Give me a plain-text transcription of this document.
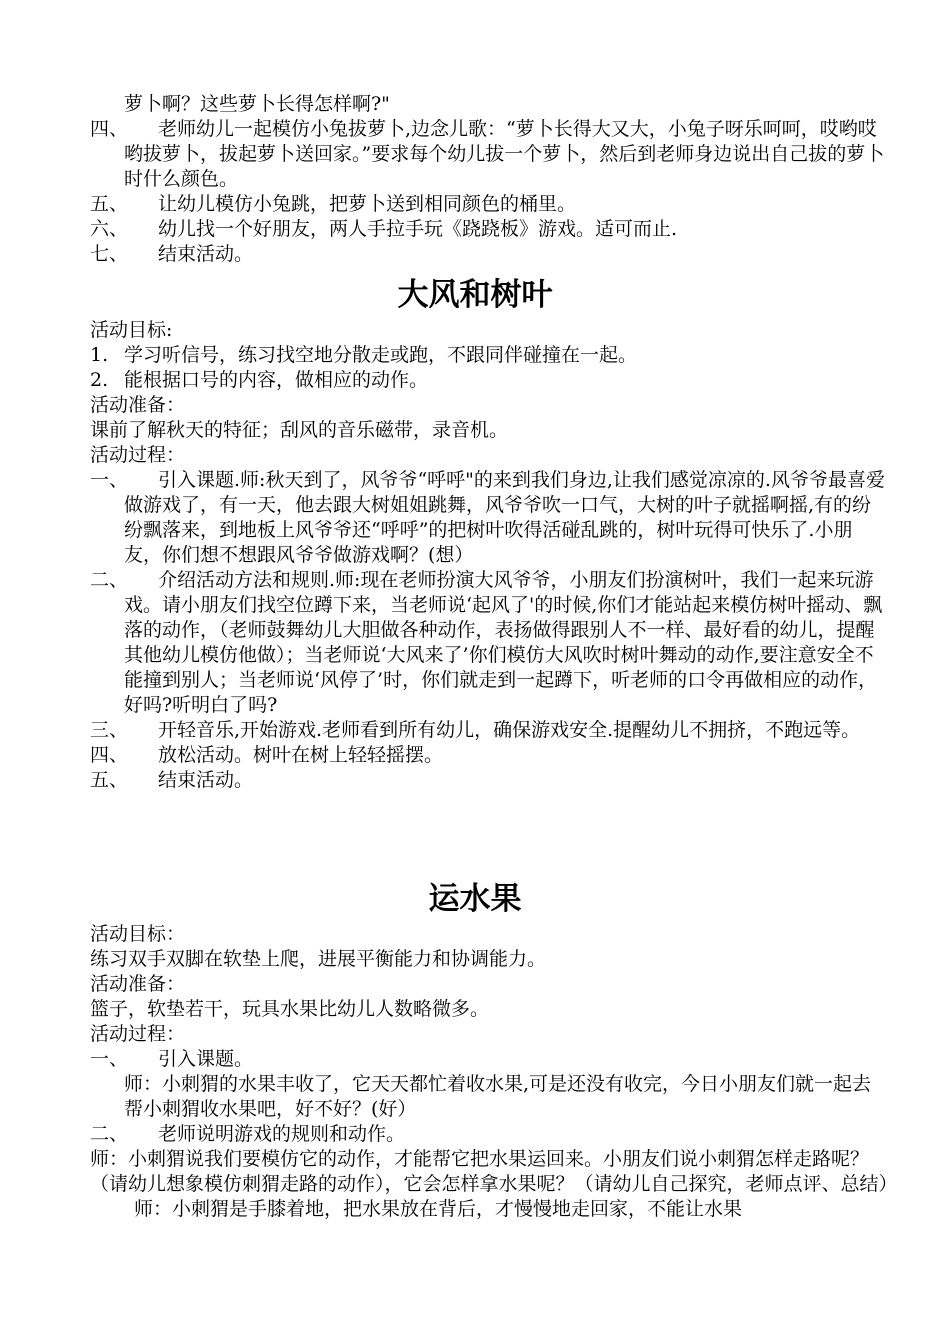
萝卜啊？这些萝卜长得怎样啊?"

四、	老师幼儿一起模仿小兔拔萝卜,边念儿歌：“萝卜长得大又大，小兔子呀乐呵呵，哎哟哎哟拔萝卜，拔起萝卜送回家。”要求每个幼儿拔一个萝卜，然后到老师身边说出自己拔的萝卜时什么颜色。

五、	让幼儿模仿小兔跳，把萝卜送到相同颜色的桶里。

六、	幼儿找一个好朋友，两人手拉手玩《跷跷板》游戏。适可而止.

七、	结束活动。

大风和树叶

活动目标:

1. 学习听信号，练习找空地分散走或跑，不跟同伴碰撞在一起。

2. 能根据口号的内容，做相应的动作。

活动准备：

课前了解秋天的特征；刮风的音乐磁带，录音机。

活动过程：

一、	引入课题.师:秋天到了，风爷爷“呼呼"的来到我们身边,让我们感觉凉凉的.风爷爷最喜爱做游戏了，有一天，他去跟大树姐姐跳舞，风爷爷吹一口气，大树的叶子就摇啊摇,有的纷纷飘落来，到地板上风爷爷还“呼呼”的把树叶吹得活碰乱跳的，树叶玩得可快乐了.小朋友，你们想不想跟风爷爷做游戏啊？(想）

二、	介绍活动方法和规则.师:现在老师扮演大风爷爷，小朋友们扮演树叶，我们一起来玩游戏。请小朋友们找空位蹲下来，当老师说‘起风了'的时候,你们才能站起来模仿树叶摇动、飘落的动作，（老师鼓舞幼儿大胆做各种动作，表扬做得跟别人不一样、最好看的幼儿，提醒其他幼儿模仿他做）；当老师说‘大风来了’你们模仿大风吹时树叶舞动的动作,要注意安全不能撞到别人；当老师说‘风停了’时，你们就走到一起蹲下，听老师的口令再做相应的动作，好吗?听明白了吗?

三、	开轻音乐,开始游戏.老师看到所有幼儿，确保游戏安全.提醒幼儿不拥挤，不跑远等。

四、	放松活动。树叶在树上轻轻摇摆。

五、	结束活动。

运水果

活动目标：

练习双手双脚在软垫上爬，进展平衡能力和协调能力。

活动准备：

篮子，软垫若干，玩具水果比幼儿人数略微多。

活动过程：

一、	引入课题。

师：小刺猬的水果丰收了，它天天都忙着收水果,可是还没有收完，今日小朋友们就一起去帮小刺猬收水果吧，好不好？(好）

二、	老师说明游戏的规则和动作。

师：小刺猬说我们要模仿它的动作，才能帮它把水果运回来。小朋友们说小刺猬怎样走路呢？（请幼儿想象模仿刺猬走路的动作），它会怎样拿水果呢？（请幼儿自己探究，老师点评、总结）

师：小刺猬是手膝着地，把水果放在背后，才慢慢地走回家，不能让水果
